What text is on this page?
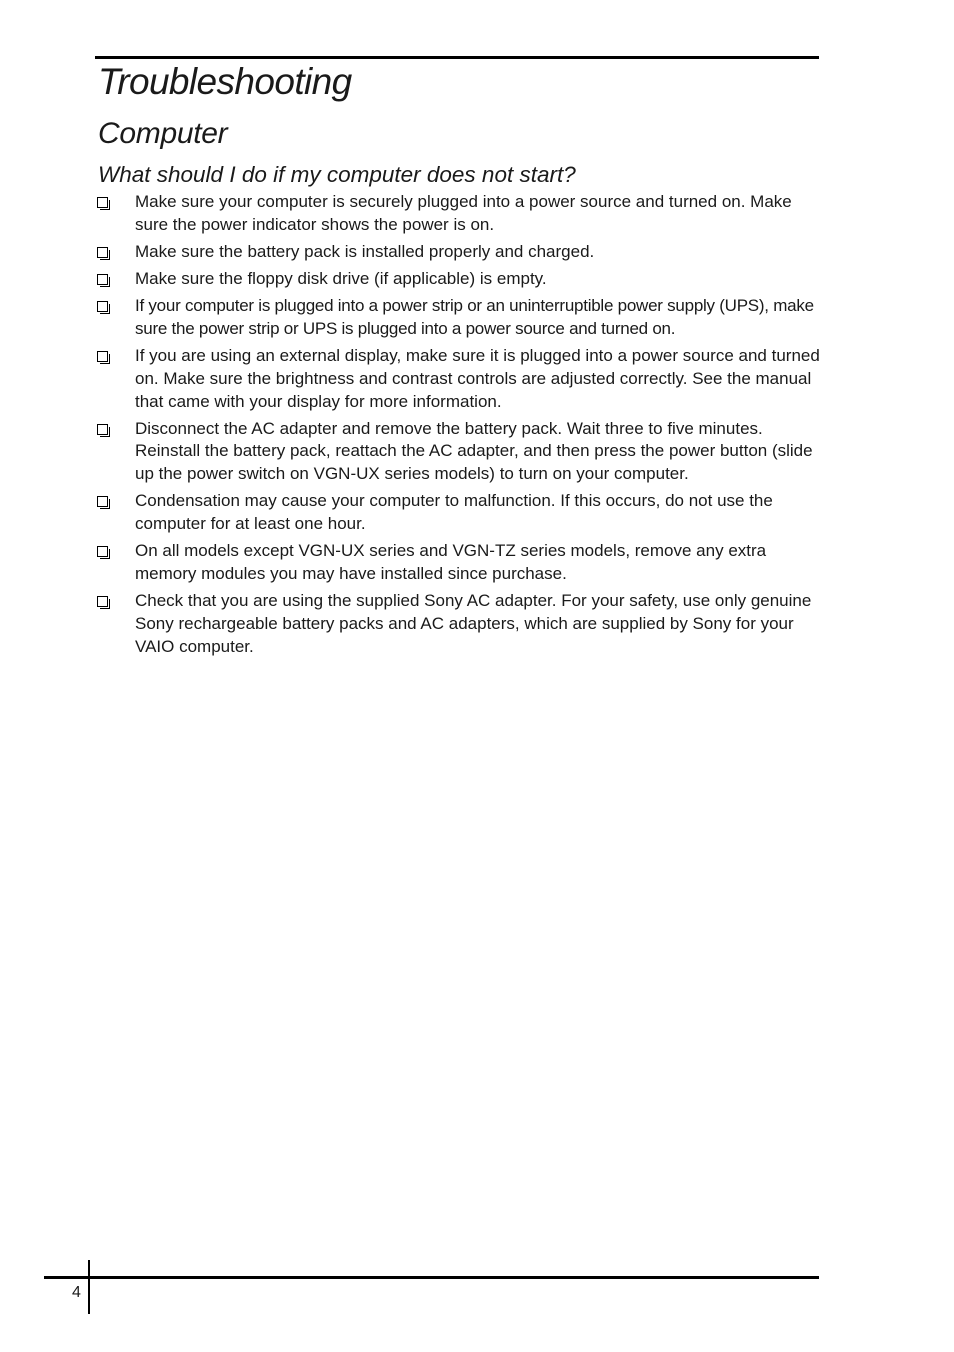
Troubleshooting
Computer
What should I do if my computer does not start?
Make sure your computer is securely plugged into a power source and turned on. Make sure the power indicator shows the power is on.
Make sure the battery pack is installed properly and charged.
Make sure the floppy disk drive (if applicable) is empty.
If your computer is plugged into a power strip or an uninterruptible power supply (UPS), make sure the power strip or UPS is plugged into a power source and turned on.
If you are using an external display, make sure it is plugged into a power source and turned on. Make sure the brightness and contrast controls are adjusted correctly. See the manual that came with your display for more information.
Disconnect the AC adapter and remove the battery pack. Wait three to five minutes. Reinstall the battery pack, reattach the AC adapter, and then press the power button (slide up the power switch on VGN-UX series models) to turn on your computer.
Condensation may cause your computer to malfunction. If this occurs, do not use the computer for at least one hour.
On all models except VGN-UX series and VGN-TZ series models, remove any extra memory modules you may have installed since purchase.
Check that you are using the supplied Sony AC adapter. For your safety, use only genuine Sony rechargeable battery packs and AC adapters, which are supplied by Sony for your VAIO computer.
4
